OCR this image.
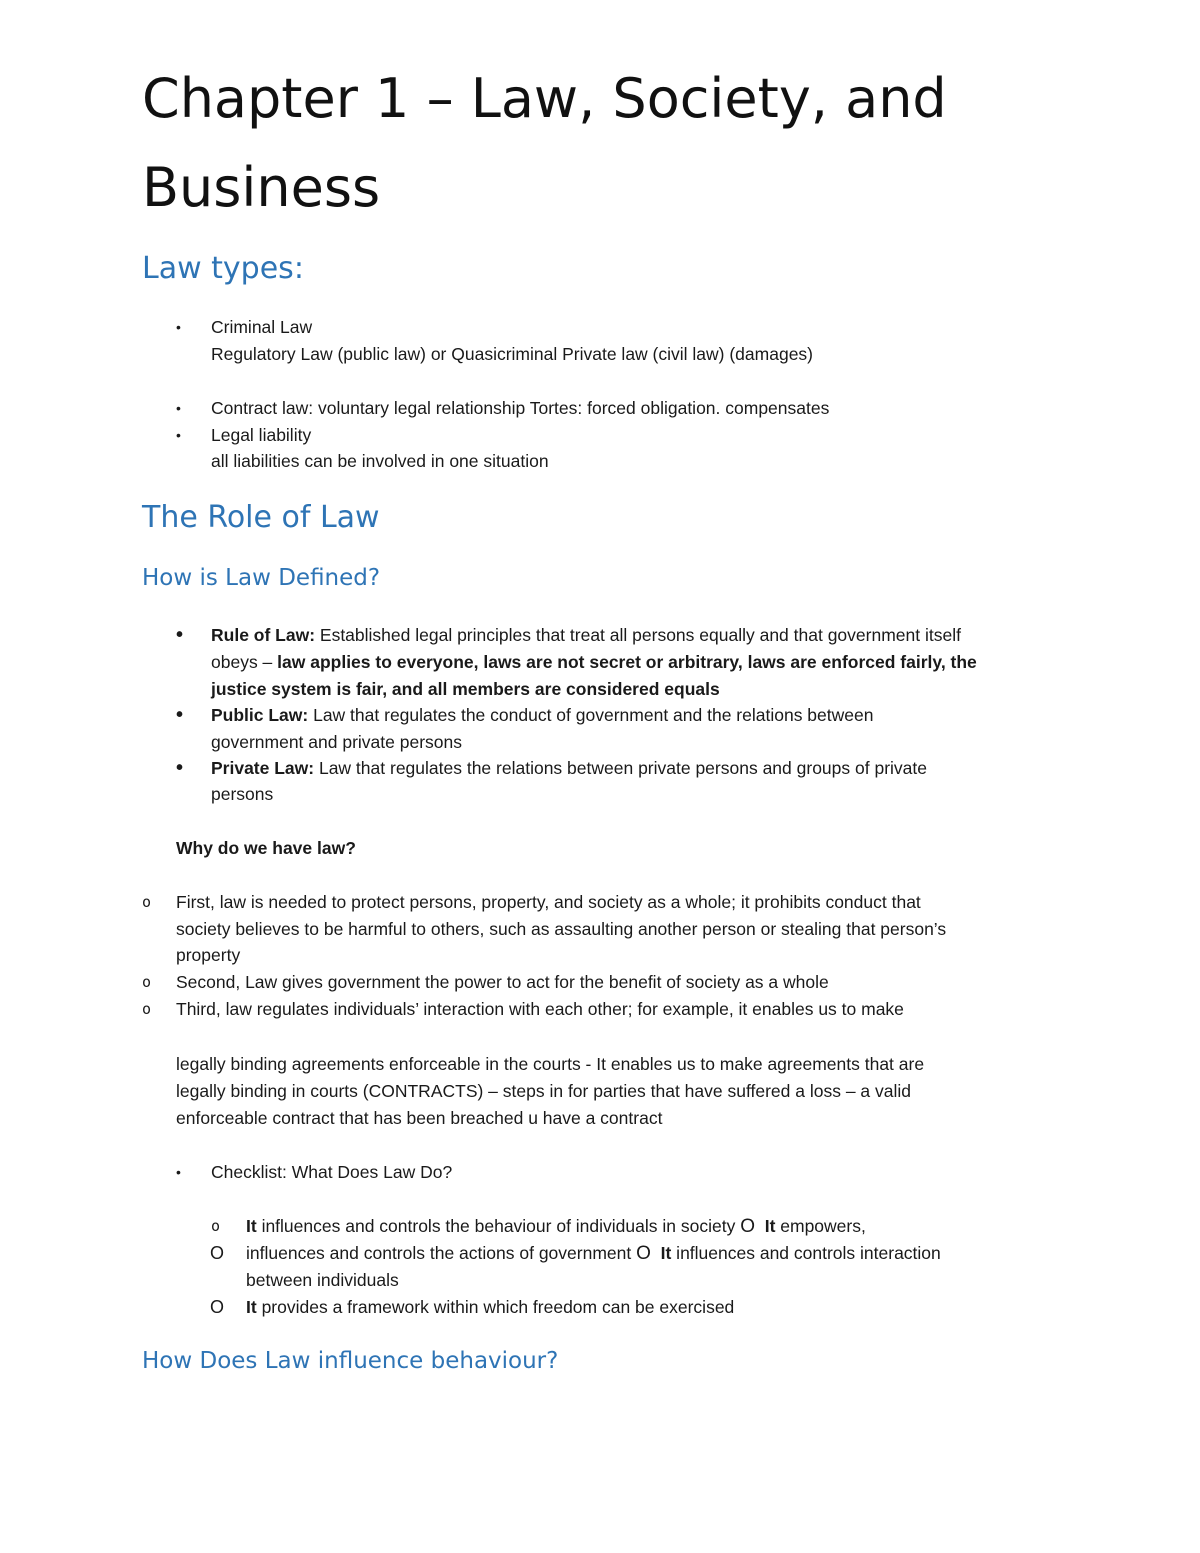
Chapter 1 – Law, Society, and
Business
Law types:
• Criminal Law
Regulatory Law (public law) or Quasicriminal Private law (civil law) (damages)
• Contract law: voluntary legal relationship Tortes: forced obligation. compensates
• Legal liability
all liabilities can be involved in one situation
The Role of Law
How is Law Defined?
• Rule of Law: Established legal principles that treat all persons equally and that government itself
obeys – law applies to everyone, laws are not secret or arbitrary, laws are enforced fairly, the
justice system is fair, and all members are considered equals
• Public Law: Law that regulates the conduct of government and the relations between
government and private persons
• Private Law: Law that regulates the relations between private persons and groups of private
persons
Why do we have law?
o First, law is needed to protect persons, property, and society as a whole; it prohibits conduct that
society believes to be harmful to others, such as assaulting another person or stealing that person’s
property
o Second, Law gives government the power to act for the benefit of society as a whole
o Third, law regulates individuals’ interaction with each other; for example, it enables us to make
legally binding agreements enforceable in the courts - It enables us to make agreements that are
legally binding in courts (CONTRACTS) – steps in for parties that have suffered a loss – a valid
enforceable contract that has been breached u have a contract
• Checklist: What Does Law Do?
o It influences and controls the behaviour of individuals in society O It empowers,
O influences and controls the actions of government O It influences and controls interaction
between individuals
O It provides a framework within which freedom can be exercised
How Does Law influence behaviour?
